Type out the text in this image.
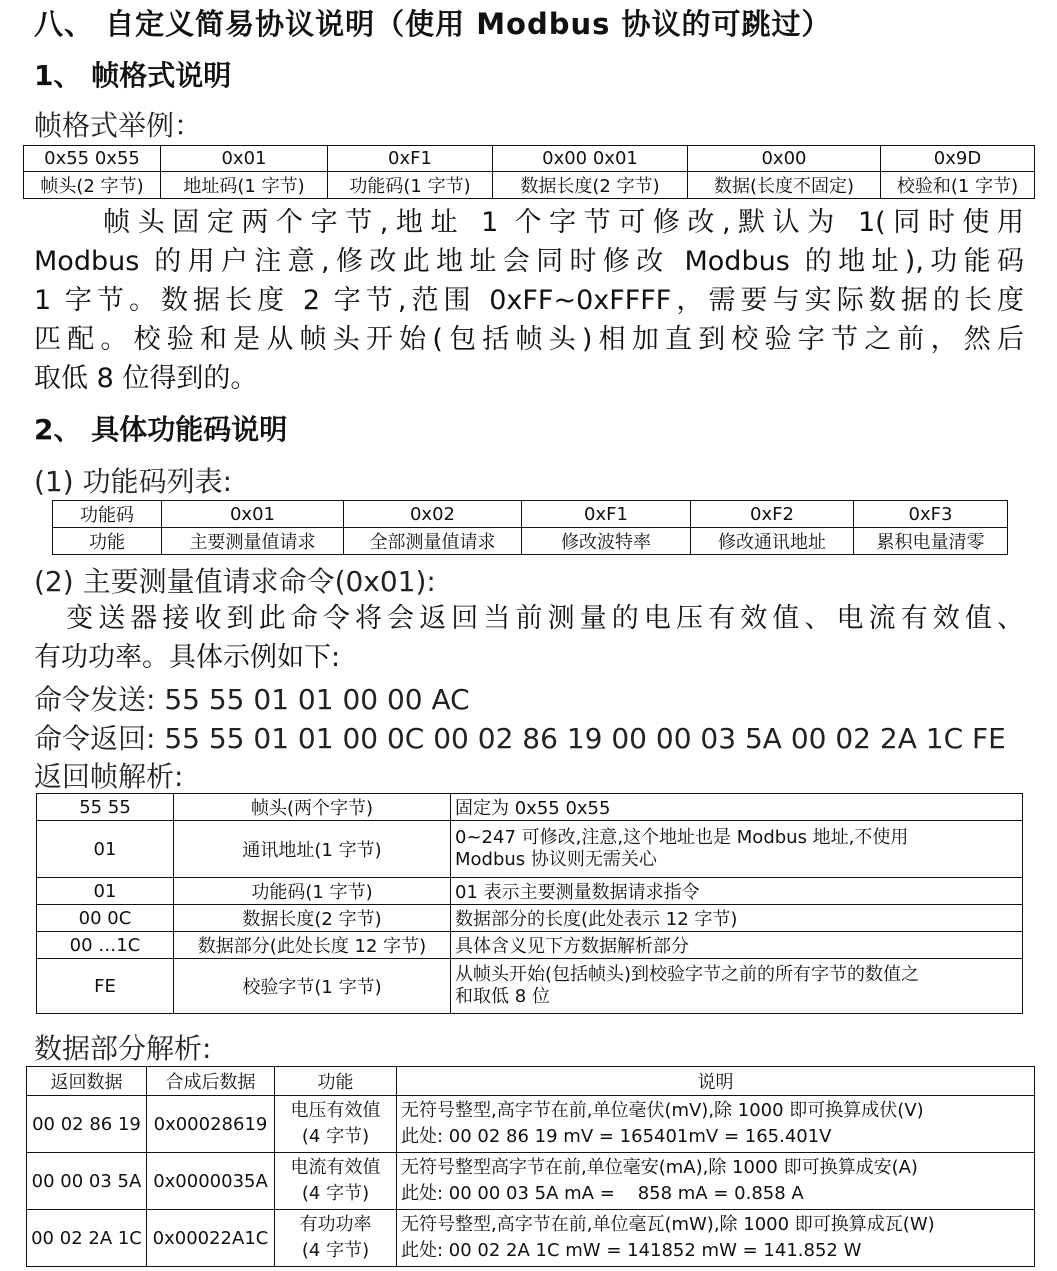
八、 自定义简易协议说明（使用 Modbus 协议的可跳过）
1、 帧格式说明
帧格式举例：
0x55 0x55	0x01	0xF1	0x00 0x01	0x00	0x9D
帧头(2 字节)	地址码(1 字节)	功能码(1 字节)	数据长度(2 字节)	数据(长度不固定)	校验和(1 字节)
　　帧头固定两个字节,地址 1 个字节可修改,默认为 1(同时使用
Modbus 的用户注意,修改此地址会同时修改 Modbus 的地址),功能码
1 字节。数据长度 2 字节,范围 0xFF~0xFFFF，需要与实际数据的长度
匹配。校验和是从帧头开始(包括帧头)相加直到校验字节之前，然后
取低 8 位得到的。
2、 具体功能码说明
(1) 功能码列表:
功能码	0x01	0x02	0xF1	0xF2	0xF3
功能	主要测量值请求	全部测量值请求	修改波特率	修改通讯地址	累积电量清零
(2) 主要测量值请求命令(0x01):
　变送器接收到此命令将会返回当前测量的电压有效值、电流有效值、
有功功率。具体示例如下:
命令发送: 55 55 01 01 00 00 AC
命令返回: 55 55 01 01 00 0C 00 02 86 19 00 00 03 5A 00 02 2A 1C FE
返回帧解析:
55 55	帧头(两个字节)	固定为 0x55 0x55
01	通讯地址(1 字节)	0~247 可修改,注意,这个地址也是 Modbus 地址,不使用
Modbus 协议则无需关心

01	功能码(1 字节)	01 表示主要测量数据请求指令
00 0C	数据长度(2 字节)	数据部分的长度(此处表示 12 字节)
00 …1C	数据部分(此处长度 12 字节)	具体含义见下方数据解析部分
FE	校验字节(1 字节)	从帧头开始(包括帧头)到校验字节之前的所有字节的数值之
和取低 8 位
数据部分解析:
返回数据	合成后数据	功能	说明
00 02 86 19	0x00028619	电压有效值
(4 字节)	无符号整型,高字节在前,单位毫伏(mV),除 1000 即可换算成伏(V)
此处: 00 02 86 19 mV = 165401mV = 165.401V

00 00 03 5A	0x0000035A	电流有效值
(4 字节)	无符号整型高字节在前,单位毫安(mA),除 1000 即可换算成安(A)
此处: 00 00 03 5A mA =    858 mA = 0.858 A

00 02 2A 1C	0x00022A1C	有功功率
(4 字节)	无符号整型,高字节在前,单位毫瓦(mW),除 1000 即可换算成瓦(W)
此处: 00 02 2A 1C mW = 141852 mW = 141.852 W
